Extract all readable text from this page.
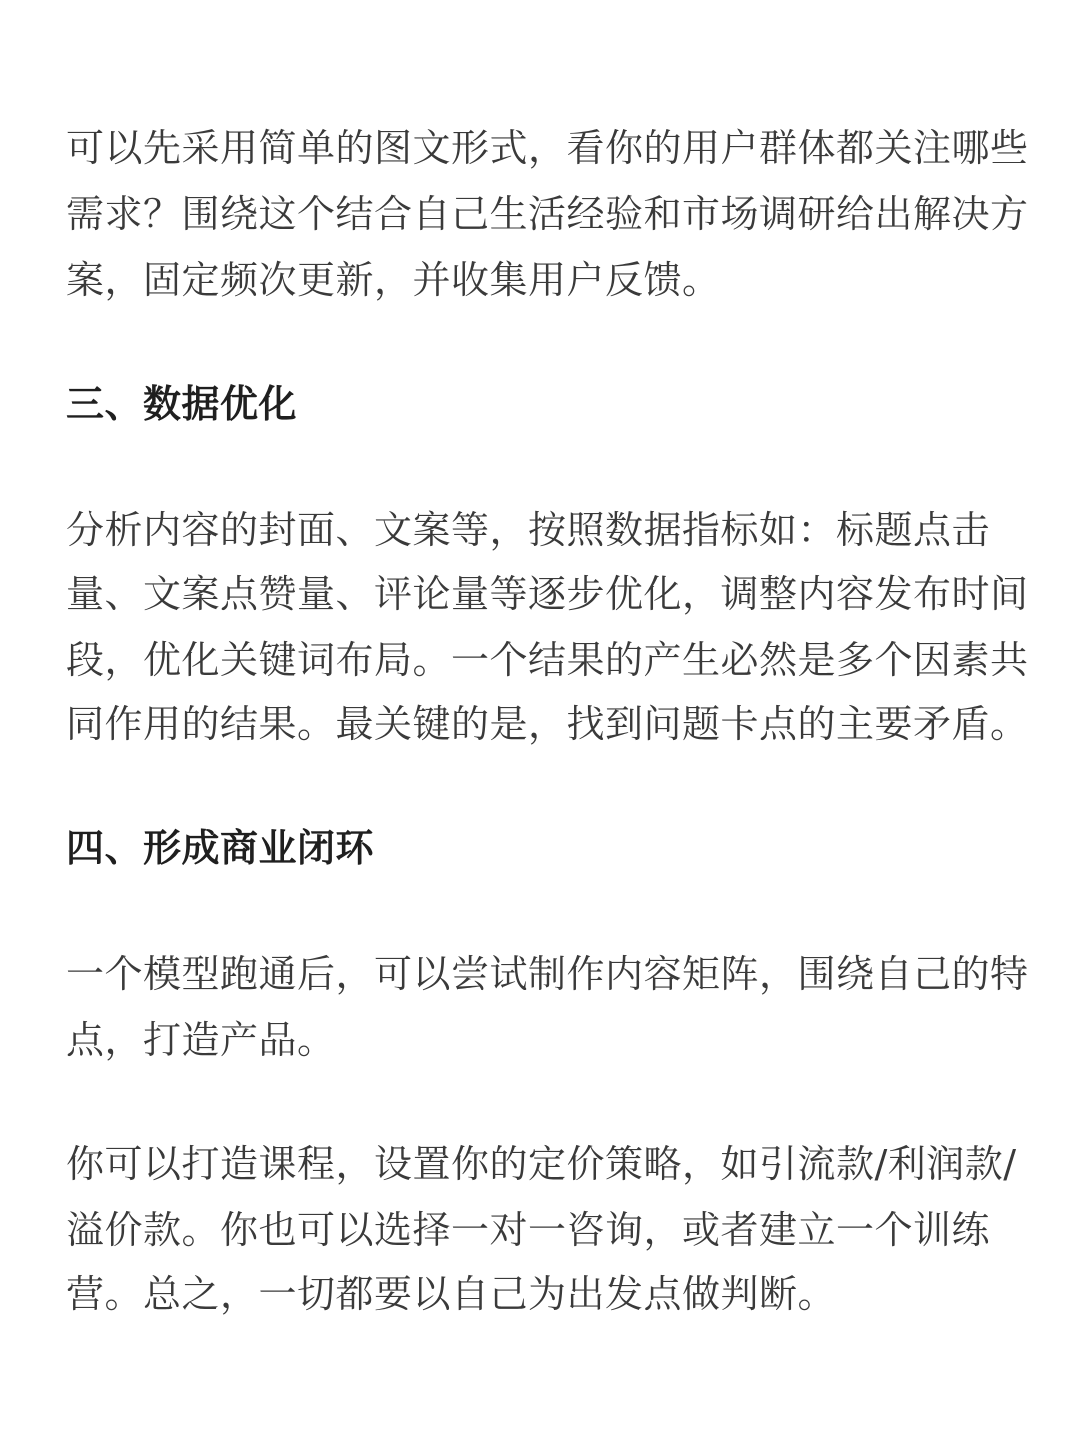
可以先采用简单的图文形式，看你的用户群体都关注哪些
需求？围绕这个结合自己生活经验和市场调研给出解决方
案，固定频次更新，并收集用户反馈。
三、数据优化
分析内容的封面、文案等，按照数据指标如：标题点击
量、文案点赞量、评论量等逐步优化，调整内容发布时间
段，优化关键词布局。一个结果的产生必然是多个因素共
同作用的结果。最关键的是，找到问题卡点的主要矛盾。
四、形成商业闭环
一个模型跑通后，可以尝试制作内容矩阵，围绕自己的特
点，打造产品。
你可以打造课程，设置你的定价策略，如引流款/利润款/
溢价款。你也可以选择一对一咨询，或者建立一个训练
营。总之，一切都要以自己为出发点做判断。
